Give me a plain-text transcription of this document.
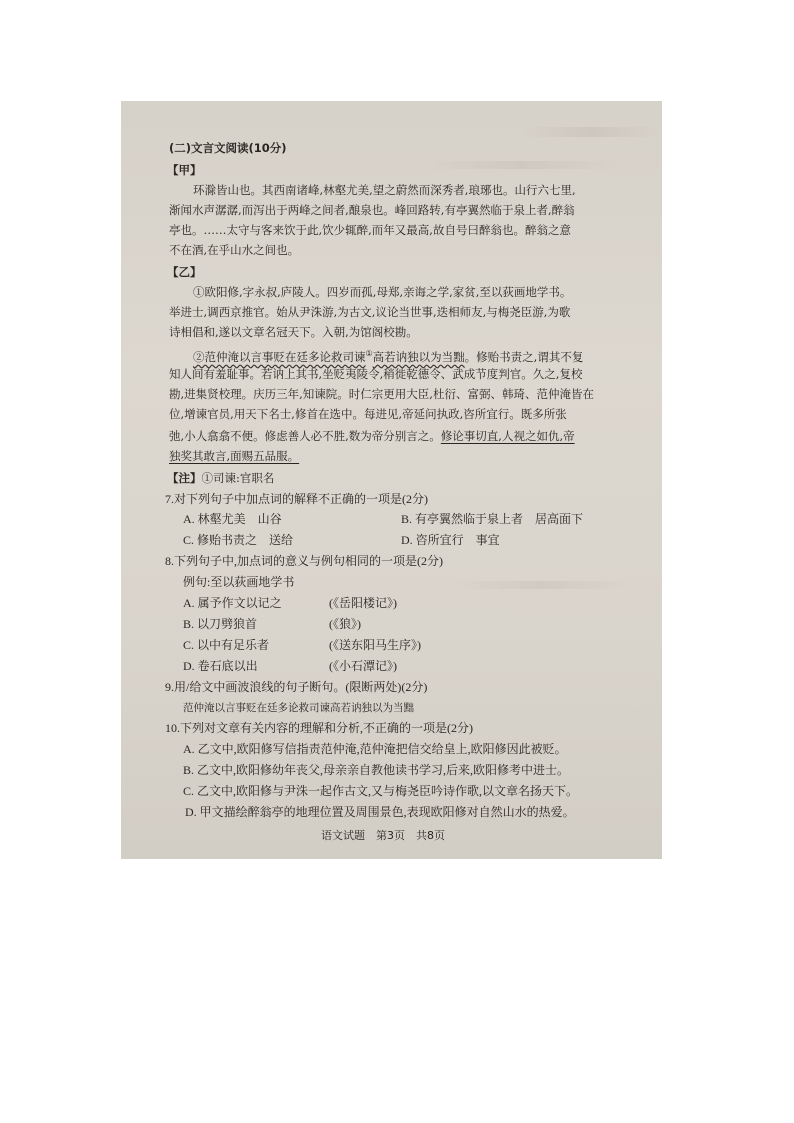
(二)文言文阅读(10分)
【甲】
环滁皆山也。其西南诸峰,林壑尤美,望之蔚然而深秀者,琅琊也。山行六七里,
渐闻水声潺潺,而泻出于两峰之间者,酿泉也。峰回路转,有亭翼然临于泉上者,醉翁
亭也。……太守与客来饮于此,饮少辄醉,而年又最高,故自号曰醉翁也。醉翁之意
不在酒,在乎山水之间也。
【乙】
①欧阳修,字永叔,庐陵人。四岁而孤,母郑,亲诲之学,家贫,至以荻画地学书。
举进士,调西京推官。始从尹洙游,为古文,议论当世事,迭相师友,与梅尧臣游,为歌
诗相倡和,遂以文章名冠天下。入朝,为馆阁校勘。
②范仲淹以言事贬在廷多论救司谏①高若讷独以为当黜。修贻书责之,谓其不复
知人间有羞耻事。若讷上其书,坐贬夷陵令,稍徙乾德令、武成节度判官。久之,复校
勘,进集贤校理。庆历三年,知谏院。时仁宗更用大臣,杜衍、富弼、韩琦、范仲淹皆在
位,增谏官员,用天下名士,修首在选中。每进见,帝延问执政,咨所宜行。既多所张
弛,小人翕翕不便。修虑善人必不胜,数为帝分别言之。修论事切直,人视之如仇,帝
独奖其敢言,面赐五品服。
【注】①司谏:官职名
7.对下列句子中加点词的解释不正确的一项是(2分)
A. 林壑尤美　山谷	B. 有亭翼然临于泉上者　居高面下
C. 修贻书责之　送给	D. 咨所宜行　事宜
8.下列句子中,加点词的意义与例句相同的一项是(2分)
例句:至以荻画地学书
A. 属予作文以记之	(《岳阳楼记》)
B. 以刀劈狼首	(《狼》)
C. 以中有足乐者	(《送东阳马生序》)
D. 卷石底以出	(《小石潭记》)
9.用/给文中画波浪线的句子断句。(限断两处)(2分)
范仲淹以言事贬在廷多论救司谏高若讷独以为当黜
10.下列对文章有关内容的理解和分析,不正确的一项是(2分)
A. 乙文中,欧阳修写信指责范仲淹,范仲淹把信交给皇上,欧阳修因此被贬。
B. 乙文中,欧阳修幼年丧父,母亲亲自教他读书学习,后来,欧阳修考中进士。
C. 乙文中,欧阳修与尹洙一起作古文,又与梅尧臣吟诗作歌,以文章名扬天下。
D. 甲文描绘醉翁亭的地理位置及周围景色,表现欧阳修对自然山水的热爱。
语文试题　第3页　共8页
